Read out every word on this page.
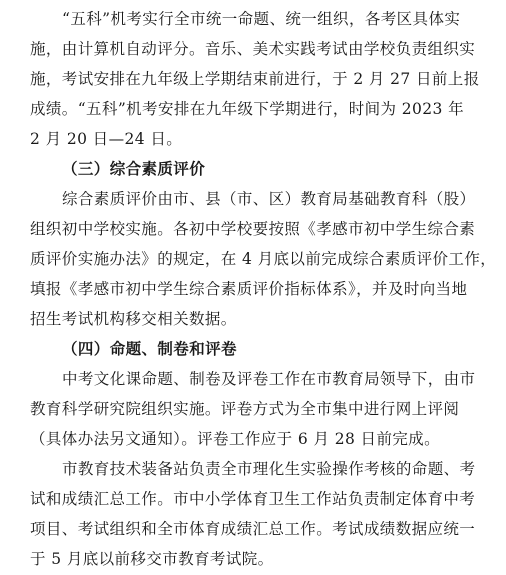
“五科”机考实行全市统一命题、统一组织，各考区具体实
施，由计算机自动评分。音乐、美术实践考试由学校负责组织实
施，考试安排在九年级上学期结束前进行，于 2 月 27 日前上报
成绩。“五科”机考安排在九年级下学期进行，时间为 2023 年
2 月 20 日—24 日。
（三）综合素质评价
综合素质评价由市、县（市、区）教育局基础教育科（股）
组织初中学校实施。各初中学校要按照《孝感市初中学生综合素
质评价实施办法》的规定，在 4 月底以前完成综合素质评价工作，
填报《孝感市初中学生综合素质评价指标体系》，并及时向当地
招生考试机构移交相关数据。
（四）命题、制卷和评卷
中考文化课命题、制卷及评卷工作在市教育局领导下，由市
教育科学研究院组织实施。评卷方式为全市集中进行网上评阅
（具体办法另文通知）。评卷工作应于 6 月 28 日前完成。
市教育技术装备站负责全市理化生实验操作考核的命题、考
试和成绩汇总工作。市中小学体育卫生工作站负责制定体育中考
项目、考试组织和全市体育成绩汇总工作。考试成绩数据应统一
于 5 月底以前移交市教育考试院。
